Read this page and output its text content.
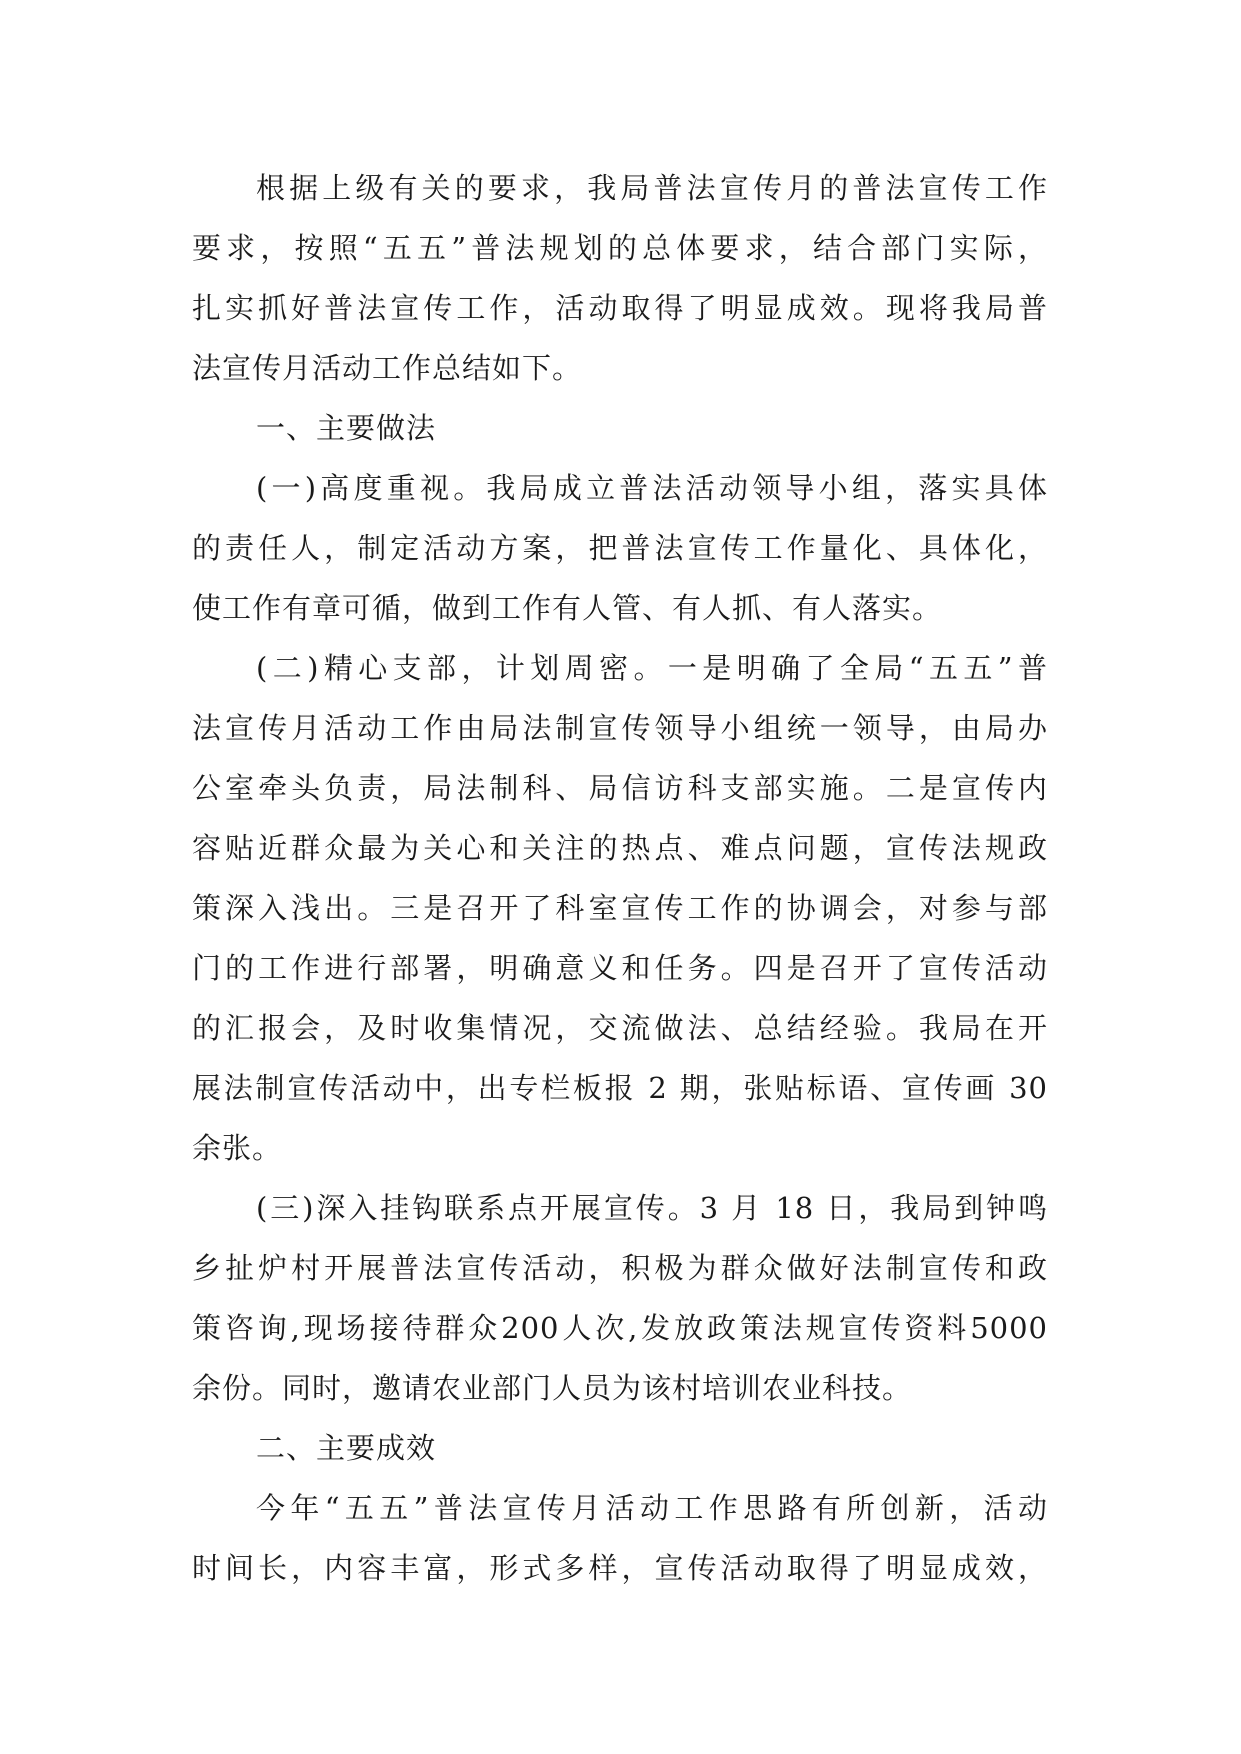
根据上级有关的要求，我局普法宣传月的普法宣传工作
要求，按照“五五”普法规划的总体要求，结合部门实际，
扎实抓好普法宣传工作，活动取得了明显成效。现将我局普
法宣传月活动工作总结如下。
一、主要做法
(一)高度重视。我局成立普法活动领导小组，落实具体
的责任人，制定活动方案，把普法宣传工作量化、具体化，
使工作有章可循，做到工作有人管、有人抓、有人落实。
(二)精心支部，计划周密。一是明确了全局“五五”普
法宣传月活动工作由局法制宣传领导小组统一领导，由局办
公室牵头负责，局法制科、局信访科支部实施。二是宣传内
容贴近群众最为关心和关注的热点、难点问题，宣传法规政
策深入浅出。三是召开了科室宣传工作的协调会，对参与部
门的工作进行部署，明确意义和任务。四是召开了宣传活动
的汇报会，及时收集情况，交流做法、总结经验。我局在开
展法制宣传活动中，出专栏板报 2 期，张贴标语、宣传画 30
余张。
(三)深入挂钩联系点开展宣传。3 月 18 日，我局到钟鸣
乡扯炉村开展普法宣传活动，积极为群众做好法制宣传和政
策咨询,现场接待群众200人次,发放政策法规宣传资料5000
余份。同时，邀请农业部门人员为该村培训农业科技。
二、主要成效
今年“五五”普法宣传月活动工作思路有所创新，活动
时间长，内容丰富，形式多样，宣传活动取得了明显成效，
